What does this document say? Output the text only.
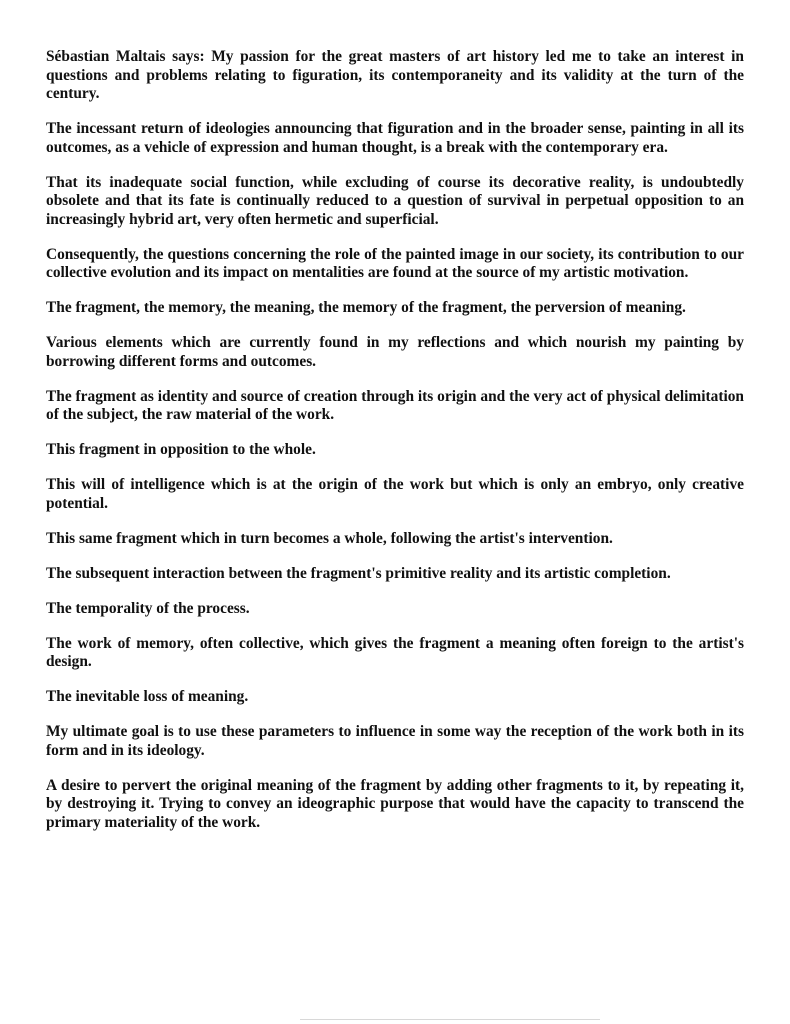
Sébastian Maltais says: My passion for the great masters of art history led me to take an interest in questions and problems relating to figuration, its contemporaneity and its validity at the turn of the century.

The incessant return of ideologies announcing that figuration and in the broader sense, painting in all its outcomes, as a vehicle of expression and human thought, is a break with the contemporary era.

That its inadequate social function, while excluding of course its decorative reality, is undoubtedly obsolete and that its fate is continually reduced to a question of survival in perpetual opposition to an increasingly hybrid art, very often hermetic and superficial.

Consequently, the questions concerning the role of the painted image in our society, its contribution to our collective evolution and its impact on mentalities are found at the source of my artistic motivation.

The fragment, the memory, the meaning, the memory of the fragment, the perversion of meaning.

Various elements which are currently found in my reflections and which nourish my painting by borrowing different forms and outcomes.

The fragment as identity and source of creation through its origin and the very act of physical delimitation of the subject, the raw material of the work.

This fragment in opposition to the whole.

This will of intelligence which is at the origin of the work but which is only an embryo, only creative potential.

This same fragment which in turn becomes a whole, following the artist's intervention.

The subsequent interaction between the fragment's primitive reality and its artistic completion.

The temporality of the process.

The work of memory, often collective, which gives the fragment a meaning often foreign to the artist's design.

The inevitable loss of meaning.

My ultimate goal is to use these parameters to influence in some way the reception of the work both in its form and in its ideology.

A desire to pervert the original meaning of the fragment by adding other fragments to it, by repeating it, by destroying it. Trying to convey an ideographic purpose that would have the capacity to transcend the primary materiality of the work.
